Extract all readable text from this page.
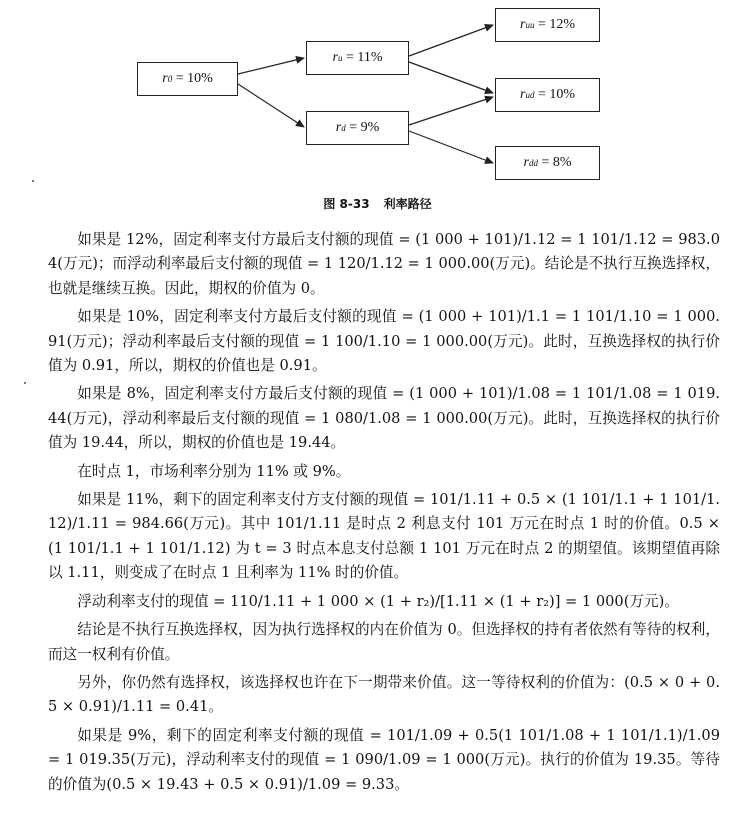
r 0
= 10%
r u
= 11%
r d
= 9%
r uu
= 12%
r ud
= 10%
r dd
= 8%
图 8-33 利率路径

如果是 12%，固定利率支付方最后支付额的现值 = (1 000 + 101)/1.12 = 1 101/1.12 = 983.04(万元)；而浮动利率最后支付额的现值 = 1 120/1.12 = 1 000.00(万元)。结论是不执行互换选择权，也就是继续互换。因此，期权的价值为 0。

如果是 10%，固定利率支付方最后支付额的现值 = (1 000 + 101)/1.1 = 1 101/1.10 = 1 000.91(万元)；浮动利率最后支付额的现值 = 1 100/1.10 = 1 000.00(万元)。此时，互换选择权的执行价值为 0.91，所以，期权的价值也是 0.91。

如果是 8%，固定利率支付方最后支付额的现值 = (1 000 + 101)/1.08 = 1 101/1.08 = 1 019.44(万元)，浮动利率最后支付额的现值 = 1 080/1.08 = 1 000.00(万元)。此时，互换选择权的执行价值为 19.44，所以，期权的价值也是 19.44。

在时点 1，市场利率分别为 11% 或 9%。

如果是 11%，剩下的固定利率支付方支付额的现值 = 101/1.11 + 0.5 × (1 101/1.1 + 1 101/1.12)/1.11 = 984.66(万元)。其中 101/1.11 是时点 2 利息支付 101 万元在时点 1 时的价值。0.5 × (1 101/1.1 + 1 101/1.12) 为 t = 3 时点本息支付总额 1 101 万元在时点 2 的期望值。该期望值再除以 1.11，则变成了在时点 1 且利率为 11% 时的价值。

浮动利率支付的现值 = 110/1.11 + 1 000 × (1 + r₂)/[1.11 × (1 + r₂)] = 1 000(万元)。

结论是不执行互换选择权，因为执行选择权的内在价值为 0。但选择权的持有者依然有等待的权利，而这一权利有价值。

另外，你仍然有选择权，该选择权也许在下一期带来价值。这一等待权利的价值为：(0.5 × 0 + 0.5 × 0.91)/1.11 = 0.41。

如果是 9%，剩下的固定利率支付额的现值 = 101/1.09 + 0.5(1 101/1.08 + 1 101/1.1)/1.09 = 1 019.35(万元)，浮动利率支付的现值 = 1 090/1.09 = 1 000(万元)。执行的价值为 19.35。等待的价值为(0.5 × 19.43 + 0.5 × 0.91)/1.09 = 9.33。
